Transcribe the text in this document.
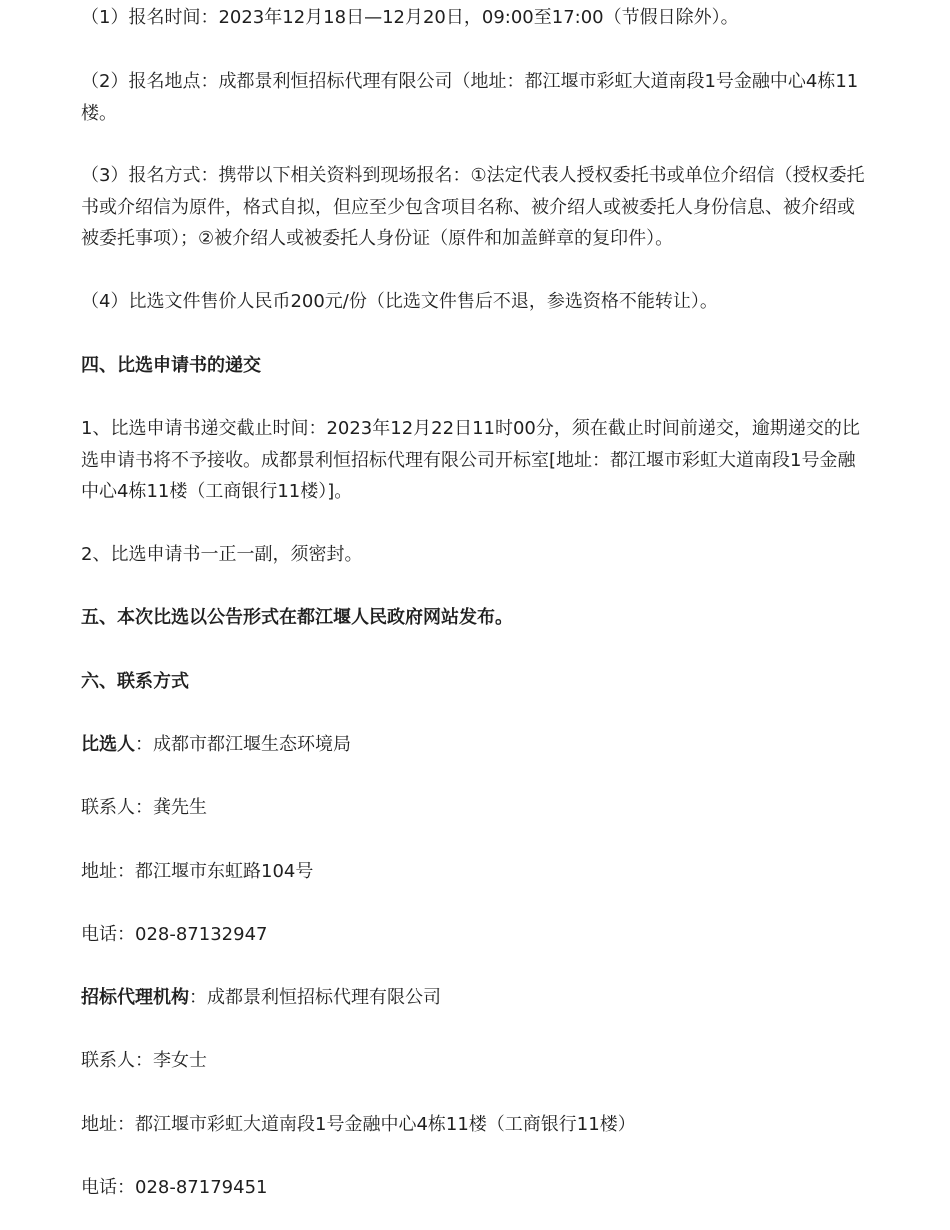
（1）报名时间：2023年12月18日—12月20日，09:00至17:00（节假日除外）。

（2）报名地点：成都景利恒招标代理有限公司（地址：都江堰市彩虹大道南段1号金融中心4栋11楼。

（3）报名方式：携带以下相关资料到现场报名：①法定代表人授权委托书或单位介绍信（授权委托书或介绍信为原件，格式自拟，但应至少包含项目名称、被介绍人或被委托人身份信息、被介绍或被委托事项）；②被介绍人或被委托人身份证（原件和加盖鲜章的复印件）。

（4）比选文件售价人民币200元/份（比选文件售后不退，参选资格不能转让）。

四、比选申请书的递交

1、比选申请书递交截止时间：2023年12月22日11时00分，须在截止时间前递交，逾期递交的比选申请书将不予接收。成都景利恒招标代理有限公司开标室[地址：都江堰市彩虹大道南段1号金融中心4栋11楼（工商银行11楼）]。

2、比选申请书一正一副，须密封。

五、本次比选以公告形式在都江堰人民政府网站发布。

六、联系方式

比选人：成都市都江堰生态环境局

联系人：龚先生

地址：都江堰市东虹路104号

电话：028-87132947

招标代理机构：成都景利恒招标代理有限公司

联系人：李女士

地址：都江堰市彩虹大道南段1号金融中心4栋11楼（工商银行11楼）

电话：028-87179451
